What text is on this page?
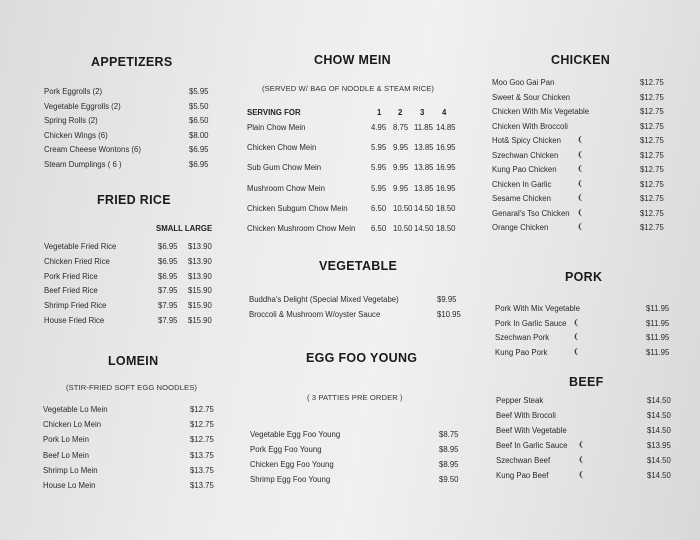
APPETIZERS
Pork Eggrolls (2)	$5.95
Vegetable Eggrolls (2)	$5.50
Spring Rolls (2)	$6.50
Chicken Wings (6)	$8.00
Cream Cheese Wontons (6)	$6.95
Steam Dumplings ( 6 )	$6.95
FRIED RICE
SMALL LARGE
Vegetable Fried Rice	$6.95 $13.90
Chicken Fried Rice	$6.95 $13.90
Pork Fried Rice	$6.95 $13.90
Beef Fried Rice	$7.95 $15.90
Shrimp Fried Rice	$7.95 $15.90
House Fried Rice	$7.95 $15.90
LOMEIN
(STIR-FRIED SOFT EGG NOODLES)
Vegetable Lo Mein	$12.75
Chicken Lo Mein	$12.75
Pork Lo Mein	$12.75
Beef Lo Mein	$13.75
Shrimp Lo Mein	$13.75
House Lo Mein	$13.75
CHOW MEIN
(SERVED W/ BAG OF NOODLE & STEAM RICE)
SERVING FOR	1 2 3 4
Plain Chow Mein	4.95 8.75 11.85 14.85
Chicken Chow Mein	5.95 9.95 13.85 16.95
Sub Gum Chow Mein	5.95 9.95 13.85 16.95
Mushroom Chow Mein	5.95 9.95 13.85 16.95
Chicken Subgum Chow Mein	6.50 10.50 14.50 18.50
Chicken Mushroom Chow Mein 6.50 10.50 14.50 18.50
VEGETABLE
Buddha's Delight (Special Mixed Vegetabe)	$9.95
Broccoli & Mushroom W/oyster Sauce	$10.95
EGG FOO YOUNG
( 3 PATTIES PRE ORDER )
Vegetable Egg Foo Young	$8.75
Pork Egg Foo Young	$8.95
Chicken Egg Foo Young	$8.95
Shrimp Egg Foo Young	$9.50
CHICKEN
Moo Goo Gai Pan	$12.75
Sweet & Sour Chicken	$12.75
Chicken With Mix Vegetable	$12.75
Chicken With Broccoli	$12.75
Hot& Spicy Chicken	$12.75
❨
Szechwan Chicken	$12.75
❨
Kung Pao Chicken	$12.75
❨
Chicken In Garlic	$12.75
❨
Sesame Chicken	$12.75
❨
Genaral's Tso Chicken	$12.75
❨
Orange Chicken	$12.75
❨
PORK
Pork With Mix Vegetable	$11.95
Pork In Garlic Sauce	$11.95
❨
Szechwan Pork	$11.95
❨
Kung Pao Pork	$11.95
❨
BEEF
Pepper Steak	$14.50
Beef With Brocoli	$14.50
Beef With Vegetable	$14.50
Beef In Garlic Sauce	$13.95
❨
Szechwan Beef	$14.50
❨
Kung Pao Beef	$14.50
❨
